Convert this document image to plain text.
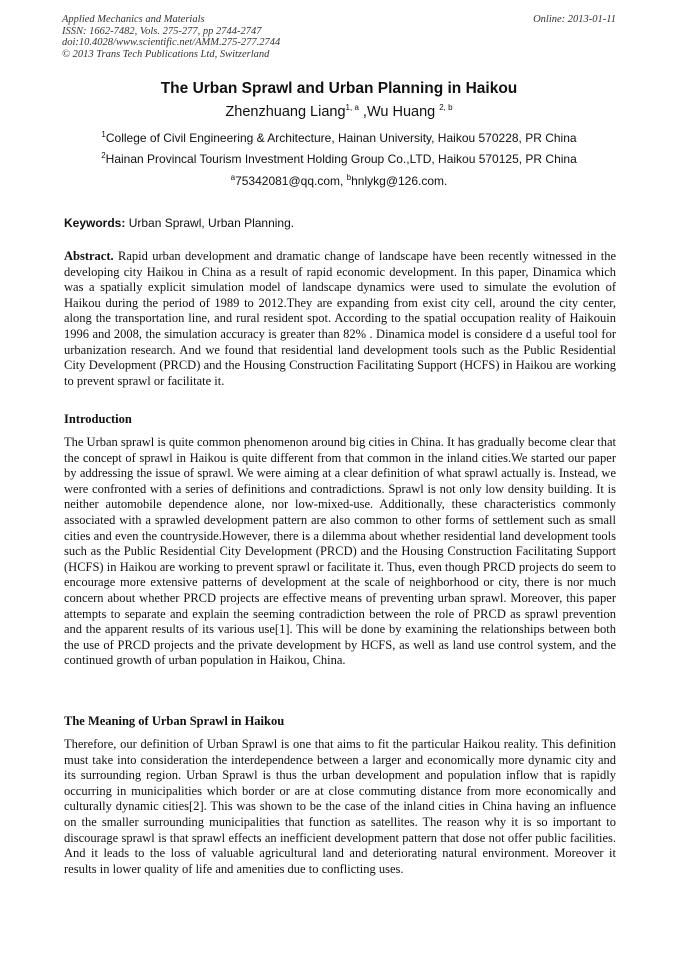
Applied Mechanics and Materials
ISSN: 1662-7482, Vols. 275-277, pp 2744-2747
doi:10.4028/www.scientific.net/AMM.275-277.2744
© 2013 Trans Tech Publications Ltd, Switzerland
Online: 2013-01-11
The Urban Sprawl and Urban Planning in Haikou
Zhenzhuang Liang$^{1, a}$ ,Wu Huang $^{2, b}$
$^1$College of Civil Engineering & Architecture, Hainan University, Haikou 570228, PR China
$^2$Hainan Provincal Tourism Investment Holding Group Co.,LTD, Haikou 570125, PR China
$^a$75342081@qq.com, $^b$hnlykg@126.com.
Keywords: Urban Sprawl, Urban Planning.

Abstract. Rapid urban development and dramatic change of landscape have been recently witnessed in the developing city Haikou in China as a result of rapid economic development. In this paper, Dinamica which was a spatially explicit simulation model of landscape dynamics were used to simulate the evolution of Haikou during the period of 1989 to 2012.They are expanding from exist city cell, around the city center, along the transportation line, and rural resident spot. According to the spatial occupation reality of Haikouin 1996 and 2008, the simulation accuracy is greater than 82% . Dinamica model is considere d a useful tool for urbanization research. And we found that residential land development tools such as the Public Residential City Development (PRCD) and the Housing Construction Facilitating Support (HCFS) in Haikou are working to prevent sprawl or facilitate it.

Introduction

The Urban sprawl is quite common phenomenon around big cities in China. It has gradually become clear that the concept of sprawl in Haikou is quite different from that common in the inland cities.We started our paper by addressing the issue of sprawl. We were aiming at a clear definition of what sprawl actually is. Instead, we were confronted with a series of definitions and contradictions. Sprawl is not only low density building. It is neither automobile dependence alone, nor low-mixed-use. Additionally, these characteristics commonly associated with a sprawled development pattern are also common to other forms of settlement such as small cities and even the countryside.However, there is a dilemma about whether residential land development tools such as the Public Residential City Development (PRCD) and the Housing Construction Facilitating Support (HCFS) in Haikou are working to prevent sprawl or facilitate it. Thus, even though PRCD projects do seem to encourage more extensive patterns of development at the scale of neighborhood or city, there is nor much concern about whether PRCD projects are effective means of preventing urban sprawl. Moreover, this paper attempts to separate and explain the seeming contradiction between the role of PRCD as sprawl prevention and the apparent results of its various use[1]. This will be done by examining the relationships between both the use of PRCD projects and the private development by HCFS, as well as land use control system, and the continued growth of urban population in Haikou, China.

The Meaning of Urban Sprawl in Haikou

Therefore, our definition of Urban Sprawl is one that aims to fit the particular Haikou reality. This definition must take into consideration the interdependence between a larger and economically more dynamic city and its surrounding region. Urban Sprawl is thus the urban development and population inflow that is rapidly occurring in municipalities which border or are at close commuting distance from more economically and culturally dynamic cities[2]. This was shown to be the case of the inland cities in China having an influence on the smaller surrounding municipalities that function as satellites. The reason why it is so important to discourage sprawl is that sprawl effects an inefficient development pattern that dose not offer public facilities. And it leads to the loss of valuable agricultural land and deteriorating natural environment. Moreover it results in lower quality of life and amenities due to conflicting uses.
